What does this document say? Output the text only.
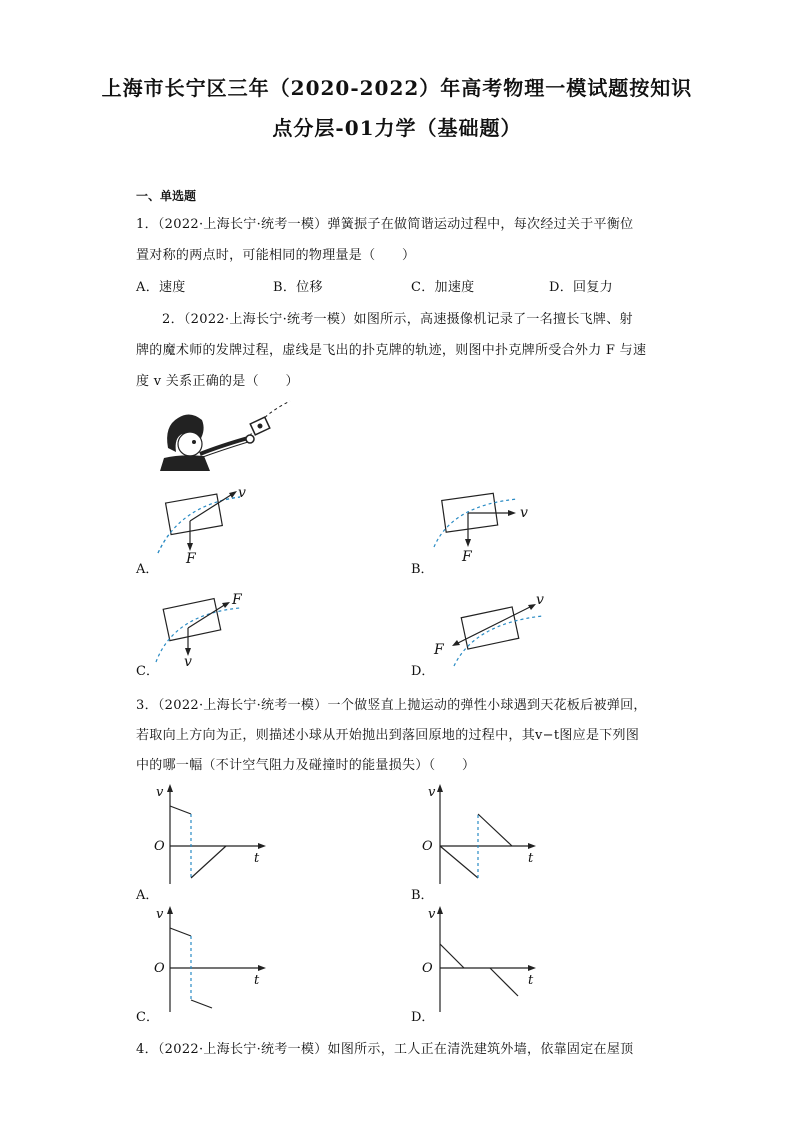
上海市长宁区三年（2020-2022）年高考物理一模试题按知识
点分层-01力学（基础题）
一、单选题
1．（2022·上海长宁·统考一模）弹簧振子在做简谐运动过程中，每次经过关于平衡位
置对称的两点时，可能相同的物理量是（　　）
A．速度	B．位移	C．加速度	D．回复力
2．（2022·上海长宁·统考一模）如图所示，高速摄像机记录了一名擅长飞牌、射
牌的魔术师的发牌过程，虚线是飞出的扑克牌的轨迹，则图中扑克牌所受合外力 F 与速
度 v 关系正确的是（　　）
F
v
A．
F
v
B．
v
F
C．
F
v
D．
3．（2022·上海长宁·统考一模）一个做竖直上抛运动的弹性小球遇到天花板后被弹回，
若取向上方向为正，则描述小球从开始抛出到落回原地的过程中，其v−t图应是下列图
中的哪一幅（不计空气阻力及碰撞时的能量损失）（　　）
v
O
t
A．
v
O
t
B．
v
O
t
C．
v
O
t
D．
4．（2022·上海长宁·统考一模）如图所示，工人正在清洗建筑外墙，依靠固定在屋顶
